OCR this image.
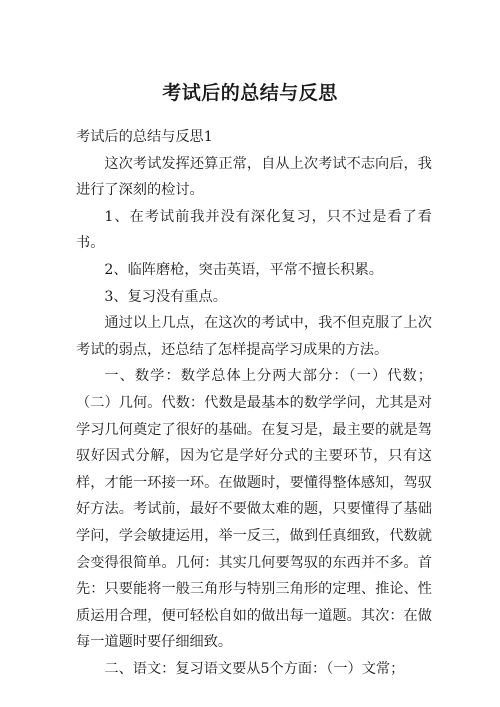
考试后的总结与反思

考试后的总结与反思1

这次考试发挥还算正常，自从上次考试不志向后，我进行了深刻的检讨。

1、在考试前我并没有深化复习，只不过是看了看书。

2、临阵磨枪，突击英语，平常不擅长积累。

3、复习没有重点。

通过以上几点，在这次的考试中，我不但克服了上次考试的弱点，还总结了怎样提高学习成果的方法。

一、数学：数学总体上分两大部分：（一）代数；（二）几何。代数：代数是最基本的数学学问，尤其是对学习几何奠定了很好的基础。在复习是，最主要的就是驾驭好因式分解，因为它是学好分式的主要环节，只有这样，才能一环接一环。在做题时，要懂得整体感知，驾驭好方法。考试前，最好不要做太难的题，只要懂得了基础学问，学会敏捷运用，举一反三，做到任真细致，代数就会变得很简单。几何：其实几何要驾驭的东西并不多。首先：只要能将一般三角形与特别三角形的定理、推论、性质运用合理，便可轻松自如的做出每一道题。其次：在做每一道题时要仔细细致。

二、语文：复习语文要从5个方面：（一）文常；
